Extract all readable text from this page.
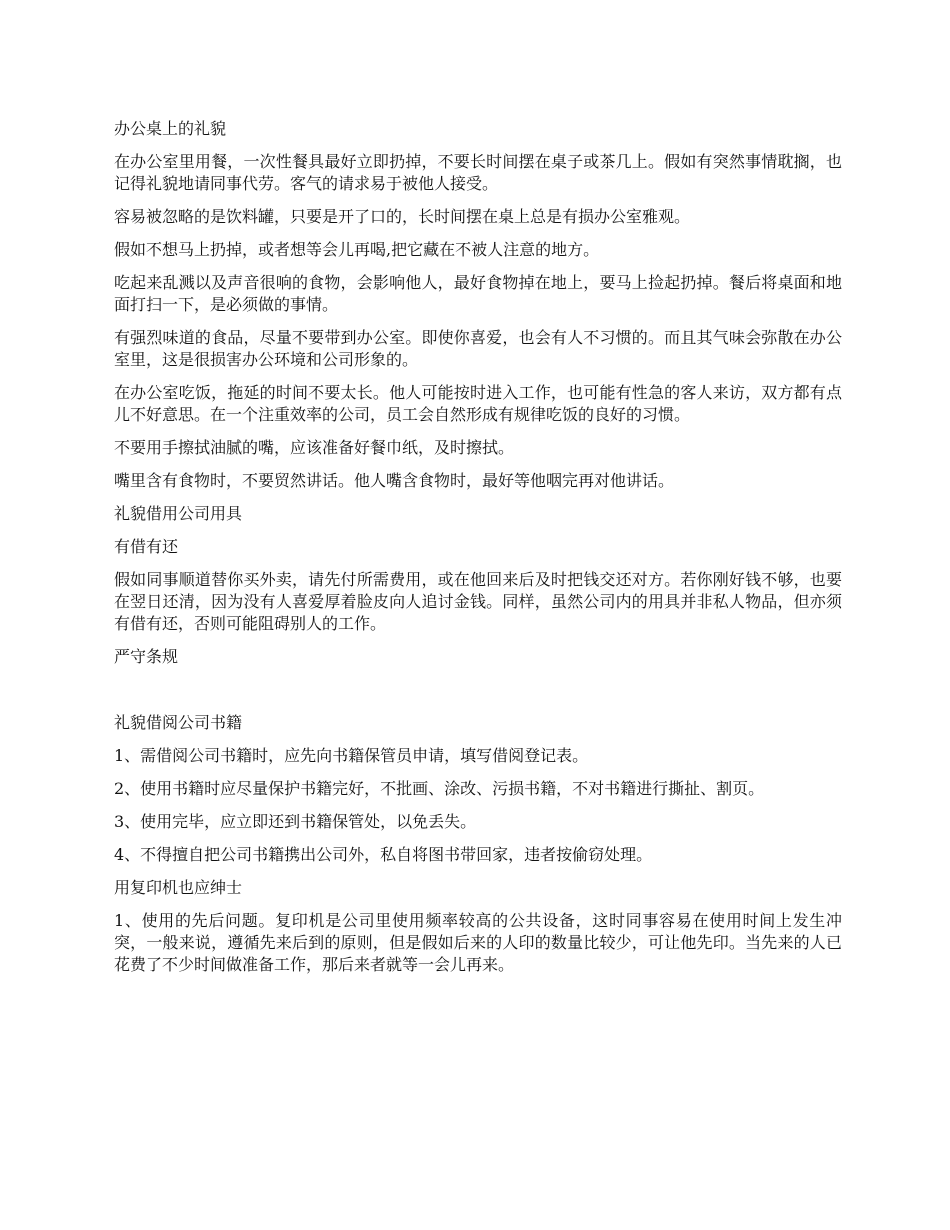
办公桌上的礼貌

在办公室里用餐，一次性餐具最好立即扔掉，不要长时间摆在桌子或茶几上。假如有突然事情耽搁，也记得礼貌地请同事代劳。客气的请求易于被他人接受。

容易被忽略的是饮料罐，只要是开了口的，长时间摆在桌上总是有损办公室雅观。

假如不想马上扔掉，或者想等会儿再喝,把它藏在不被人注意的地方。

吃起来乱溅以及声音很响的食物，会影响他人，最好食物掉在地上，要马上捡起扔掉。餐后将桌面和地面打扫一下，是必须做的事情。

有强烈味道的食品，尽量不要带到办公室。即使你喜爱，也会有人不习惯的。而且其气味会弥散在办公室里，这是很损害办公环境和公司形象的。

在办公室吃饭，拖延的时间不要太长。他人可能按时进入工作，也可能有性急的客人来访，双方都有点儿不好意思。在一个注重效率的公司，员工会自然形成有规律吃饭的良好的习惯。

不要用手擦拭油腻的嘴，应该准备好餐巾纸，及时擦拭。

嘴里含有食物时，不要贸然讲话。他人嘴含食物时，最好等他咽完再对他讲话。

礼貌借用公司用具

有借有还

假如同事顺道替你买外卖，请先付所需费用，或在他回来后及时把钱交还对方。若你刚好钱不够，也要在翌日还清，因为没有人喜爱厚着脸皮向人追讨金钱。同样，虽然公司内的用具并非私人物品，但亦须有借有还，否则可能阻碍别人的工作。

严守条规

礼貌借阅公司书籍

1、需借阅公司书籍时，应先向书籍保管员申请，填写借阅登记表。

2、使用书籍时应尽量保护书籍完好，不批画、涂改、污损书籍，不对书籍进行撕扯、割页。

3、使用完毕，应立即还到书籍保管处，以免丢失。

4、不得擅自把公司书籍携出公司外，私自将图书带回家，违者按偷窃处理。

用复印机也应绅士

1、使用的先后问题。复印机是公司里使用频率较高的公共设备，这时同事容易在使用时间上发生冲突，一般来说，遵循先来后到的原则，但是假如后来的人印的数量比较少，可让他先印。当先来的人已花费了不少时间做准备工作，那后来者就等一会儿再来。
